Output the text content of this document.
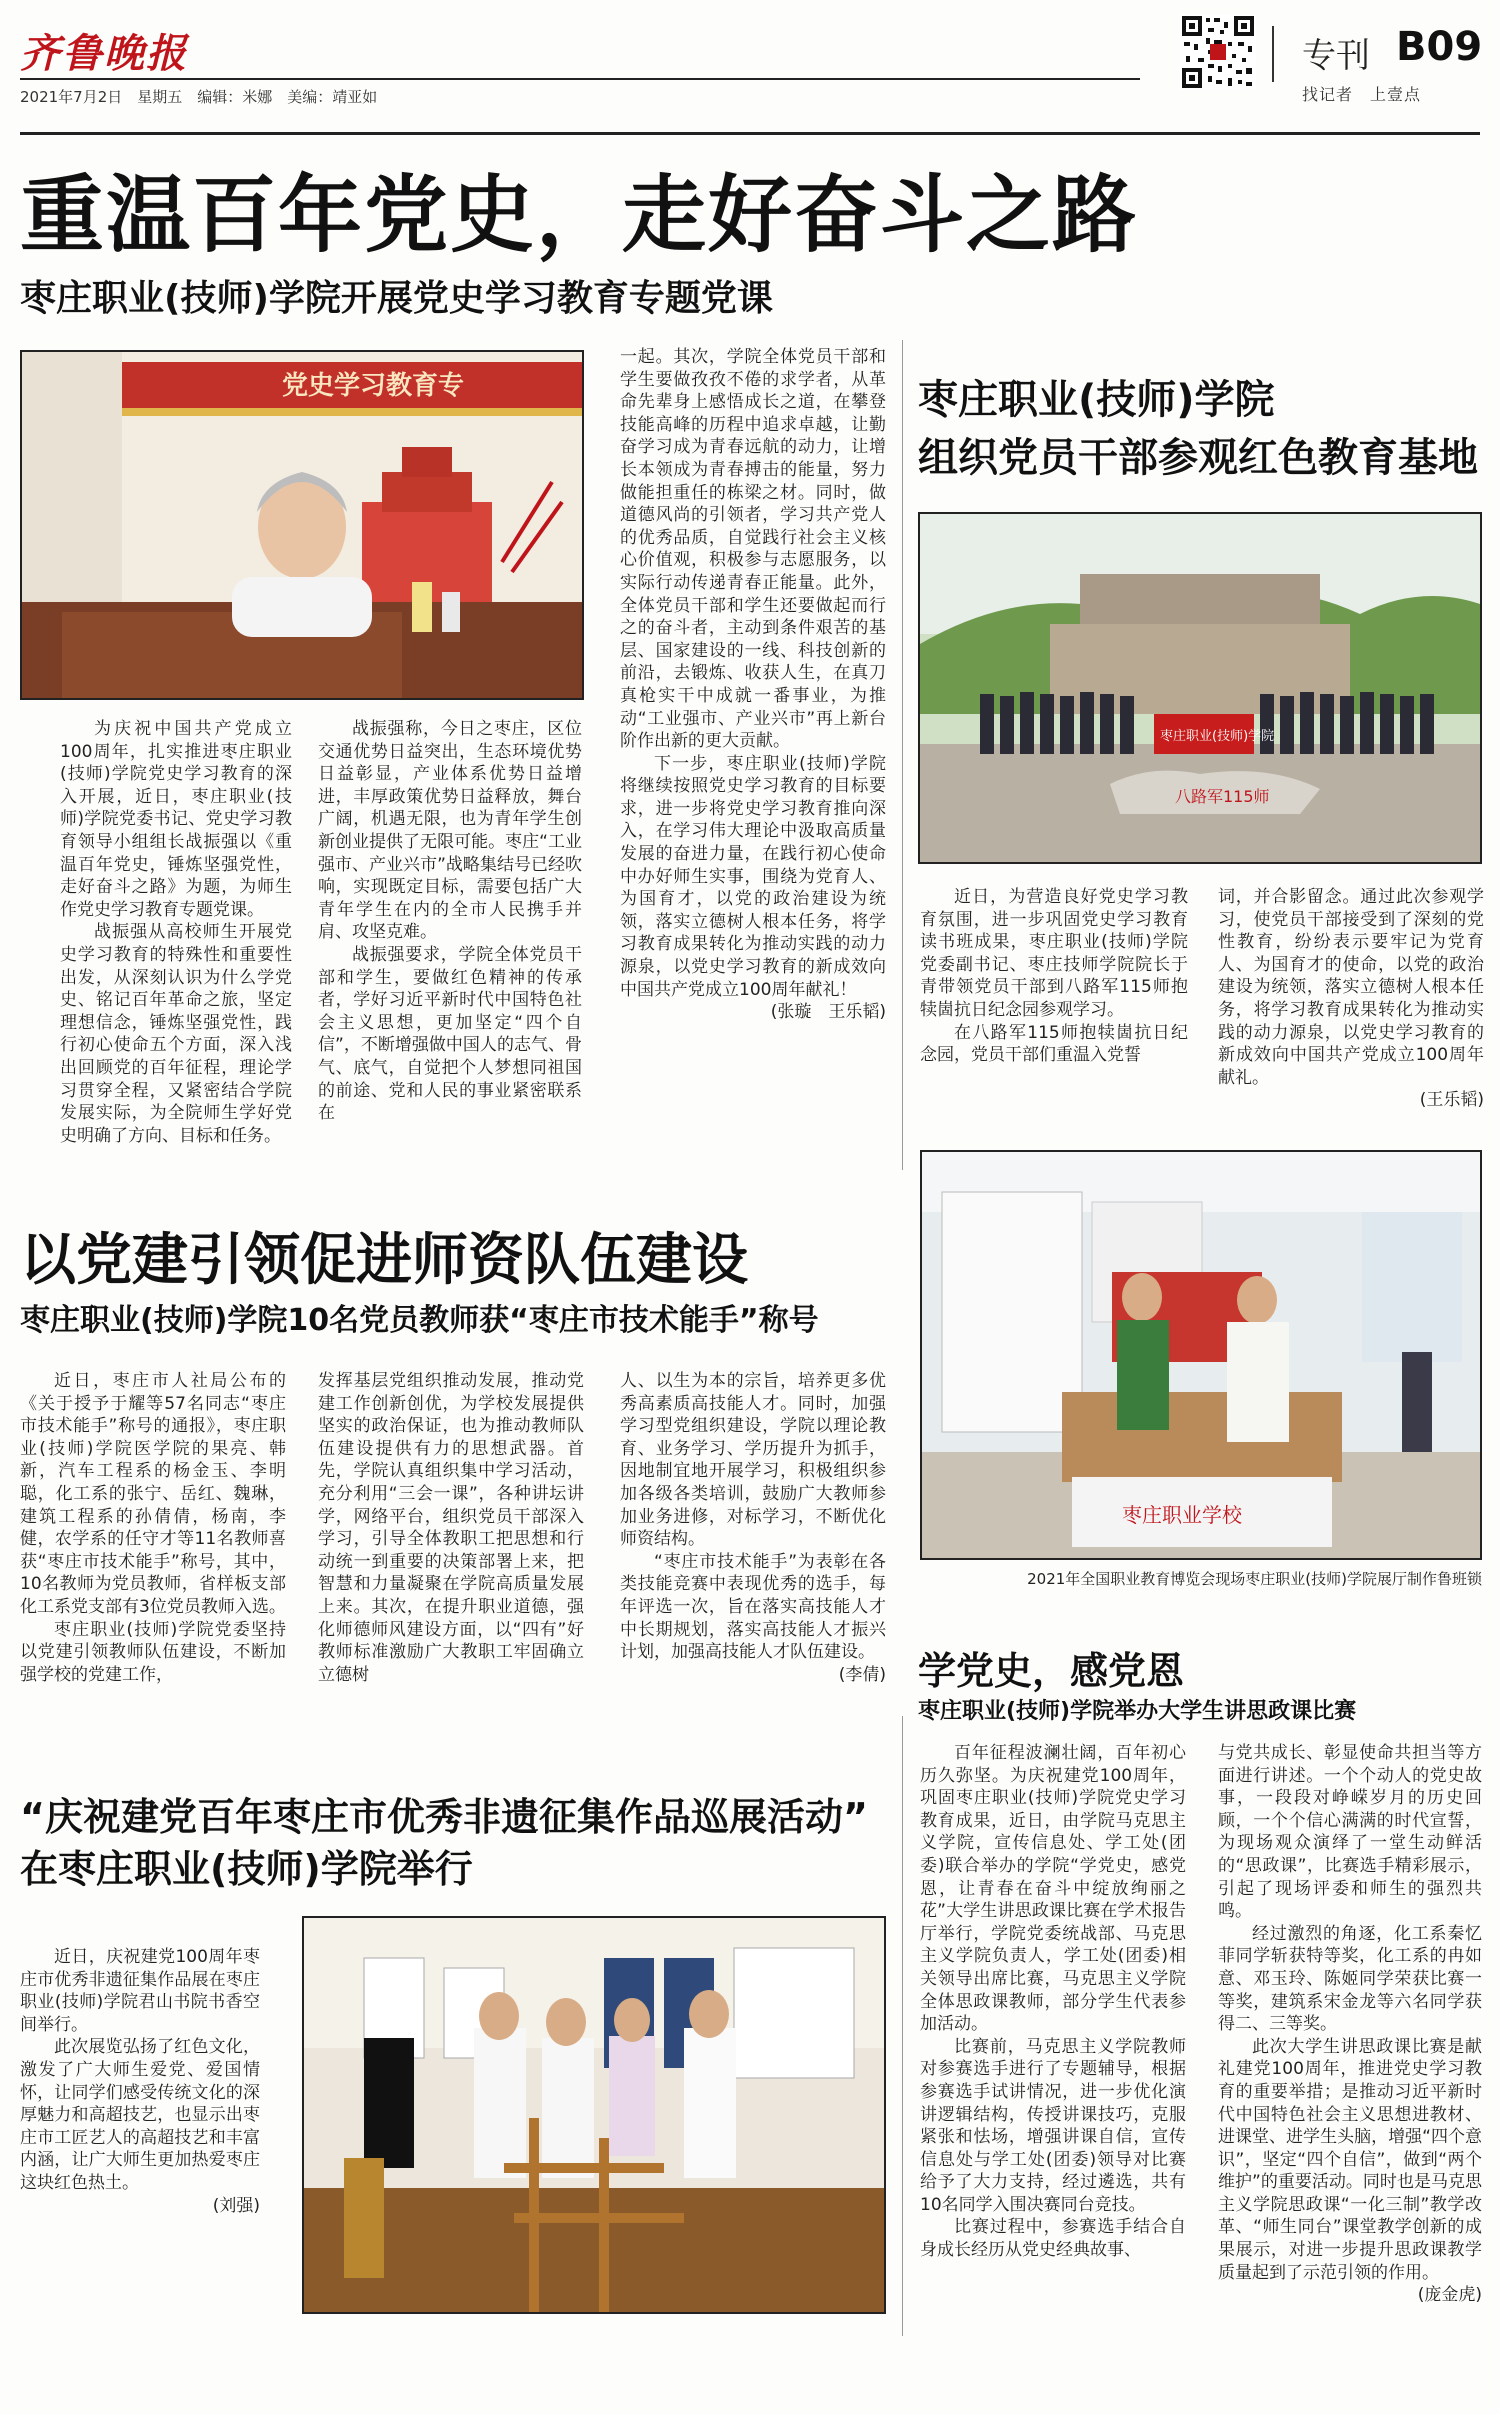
齐鲁晚报
2021年7月2日　星期五　编辑：米娜　美编：靖亚如
专刊 B09
找记者　上壹点
重温百年党史，走好奋斗之路
枣庄职业(技师)学院开展党史学习教育专题党课
党史学习教育专

为庆祝中国共产党成立100周年，扎实推进枣庄职业(技师)学院党史学习教育的深入开展，近日，枣庄职业(技师)学院党委书记、党史学习教育领导小组组长战振强以《重温百年党史，锤炼坚强党性，走好奋斗之路》为题，为师生作党史学习教育专题党课。

战振强从高校师生开展党史学习教育的特殊性和重要性出发，从深刻认识为什么学党史、铭记百年革命之旅，坚定理想信念，锤炼坚强党性，践行初心使命五个方面，深入浅出回顾党的百年征程，理论学习贯穿全程，又紧密结合学院发展实际，为全院师生学好党史明确了方向、目标和任务。

战振强称，今日之枣庄，区位交通优势日益突出，生态环境优势日益彰显，产业体系优势日益增进，丰厚政策优势日益释放，舞台广阔，机遇无限，也为青年学生创新创业提供了无限可能。枣庄“工业强市、产业兴市”战略集结号已经吹响，实现既定目标，需要包括广大青年学生在内的全市人民携手并肩、攻坚克难。

战振强要求，学院全体党员干部和学生，要做红色精神的传承者，学好习近平新时代中国特色社会主义思想，更加坚定“四个自信”，不断增强做中国人的志气、骨气、底气，自觉把个人梦想同祖国的前途、党和人民的事业紧密联系在

一起。其次，学院全体党员干部和学生要做孜孜不倦的求学者，从革命先辈身上感悟成长之道，在攀登技能高峰的历程中追求卓越，让勤奋学习成为青春远航的动力，让增长本领成为青春搏击的能量，努力做能担重任的栋梁之材。同时，做道德风尚的引领者，学习共产党人的优秀品质，自觉践行社会主义核心价值观，积极参与志愿服务，以实际行动传递青春正能量。此外，全体党员干部和学生还要做起而行之的奋斗者，主动到条件艰苦的基层、国家建设的一线、科技创新的前沿，去锻炼、收获人生，在真刀真枪实干中成就一番事业，为推动“工业强市、产业兴市”再上新台阶作出新的更大贡献。

下一步，枣庄职业(技师)学院将继续按照党史学习教育的目标要求，进一步将党史学习教育推向深入，在学习伟大理论中汲取高质量发展的奋进力量，在践行初心使命中办好师生实事，围绕为党育人、为国育才，以党的政治建设为统领，落实立德树人根本任务，将学习教育成果转化为推动实践的动力源泉，以党史学习教育的新成效向中国共产党成立100周年献礼！

(张璇　王乐韬)
枣庄职业(技师)学院
组织党员干部参观红色教育基地
枣庄职业(技师)学院
八路军115师

近日，为营造良好党史学习教育氛围，进一步巩固党史学习教育读书班成果，枣庄职业(技师)学院党委副书记、枣庄技师学院院长于青带领党员干部到八路军115师抱犊崮抗日纪念园参观学习。

在八路军115师抱犊崮抗日纪念园，党员干部们重温入党誓

词，并合影留念。通过此次参观学习，使党员干部接受到了深刻的党性教育，纷纷表示要牢记为党育人、为国育才的使命，以党的政治建设为统领，落实立德树人根本任务，将学习教育成果转化为推动实践的动力源泉，以党史学习教育的新成效向中国共产党成立100周年献礼。

(王乐韬)
以党建引领促进师资队伍建设
枣庄职业(技师)学院10名党员教师获“枣庄市技术能手”称号

近日，枣庄市人社局公布的《关于授予于耀等57名同志“枣庄市技术能手”称号的通报》，枣庄职业(技师)学院医学院的果亮、韩新，汽车工程系的杨金玉、李明聪，化工系的张宁、岳红、魏琳，建筑工程系的孙倩倩，杨南，李健，农学系的任守才等11名教师喜获“枣庄市技术能手”称号，其中，10名教师为党员教师，省样板支部化工系党支部有3位党员教师入选。

枣庄职业(技师)学院党委坚持以党建引领教师队伍建设，不断加强学校的党建工作，

发挥基层党组织推动发展，推动党建工作创新创优，为学校发展提供坚实的政治保证，也为推动教师队伍建设提供有力的思想武器。首先，学院认真组织集中学习活动，充分利用“三会一课”，各种讲坛讲学，网络平台，组织党员干部深入学习，引导全体教职工把思想和行动统一到重要的决策部署上来，把智慧和力量凝聚在学院高质量发展上来。其次，在提升职业道德，强化师德师风建设方面，以“四有”好教师标准激励广大教职工牢固确立立德树

人、以生为本的宗旨，培养更多优秀高素质高技能人才。同时，加强学习型党组织建设，学院以理论教育、业务学习、学历提升为抓手，因地制宜地开展学习，积极组织参加各级各类培训，鼓励广大教师参加业务进修，对标学习，不断优化师资结构。

“枣庄市技术能手”为表彰在各类技能竞赛中表现优秀的选手，每年评选一次，旨在落实高技能人才中长期规划，落实高技能人才振兴计划，加强高技能人才队伍建设。

(李倩)
枣庄职业学校
2021年全国职业教育博览会现场枣庄职业(技师)学院展厅制作鲁班锁
“庆祝建党百年枣庄市优秀非遗征集作品巡展活动”
在枣庄职业(技师)学院举行

近日，庆祝建党100周年枣庄市优秀非遗征集作品展在枣庄职业(技师)学院君山书院书香空间举行。

此次展览弘扬了红色文化，激发了广大师生爱党、爱国情怀，让同学们感受传统文化的深厚魅力和高超技艺，也显示出枣庄市工匠艺人的高超技艺和丰富内涵，让广大师生更加热爱枣庄这块红色热土。

(刘强)
学党史，感党恩
枣庄职业(技师)学院举办大学生讲思政课比赛

百年征程波澜壮阔，百年初心历久弥坚。为庆祝建党100周年，巩固枣庄职业(技师)学院党史学习教育成果，近日，由学院马克思主义学院，宣传信息处、学工处(团委)联合举办的学院“学党史，感党恩，让青春在奋斗中绽放绚丽之花”大学生讲思政课比赛在学术报告厅举行，学院党委统战部、马克思主义学院负责人，学工处(团委)相关领导出席比赛，马克思主义学院全体思政课教师，部分学生代表参加活动。

比赛前，马克思主义学院教师对参赛选手进行了专题辅导，根据参赛选手试讲情况，进一步优化演讲逻辑结构，传授讲课技巧，克服紧张和怯场，增强讲课自信，宣传信息处与学工处(团委)领导对比赛给予了大力支持，经过遴选，共有10名同学入围决赛同台竞技。

比赛过程中，参赛选手结合自身成长经历从党史经典故事、

与党共成长、彰显使命共担当等方面进行讲述。一个个动人的党史故事，一段段对峥嵘岁月的历史回顾，一个个信心满满的时代宣誓，为现场观众演绎了一堂生动鲜活的“思政课”，比赛选手精彩展示，引起了现场评委和师生的强烈共鸣。

经过激烈的角逐，化工系秦忆菲同学斩获特等奖，化工系的冉如意、邓玉玲、陈姬同学荣获比赛一等奖，建筑系宋金龙等六名同学获得二、三等奖。

此次大学生讲思政课比赛是献礼建党100周年，推进党史学习教育的重要举措；是推动习近平新时代中国特色社会主义思想进教材、进课堂、进学生头脑，增强“四个意识”，坚定“四个自信”，做到“两个维护”的重要活动。同时也是马克思主义学院思政课“一化三制”教学改革、“师生同台”课堂教学创新的成果展示，对进一步提升思政课教学质量起到了示范引领的作用。

(庞金虎)
